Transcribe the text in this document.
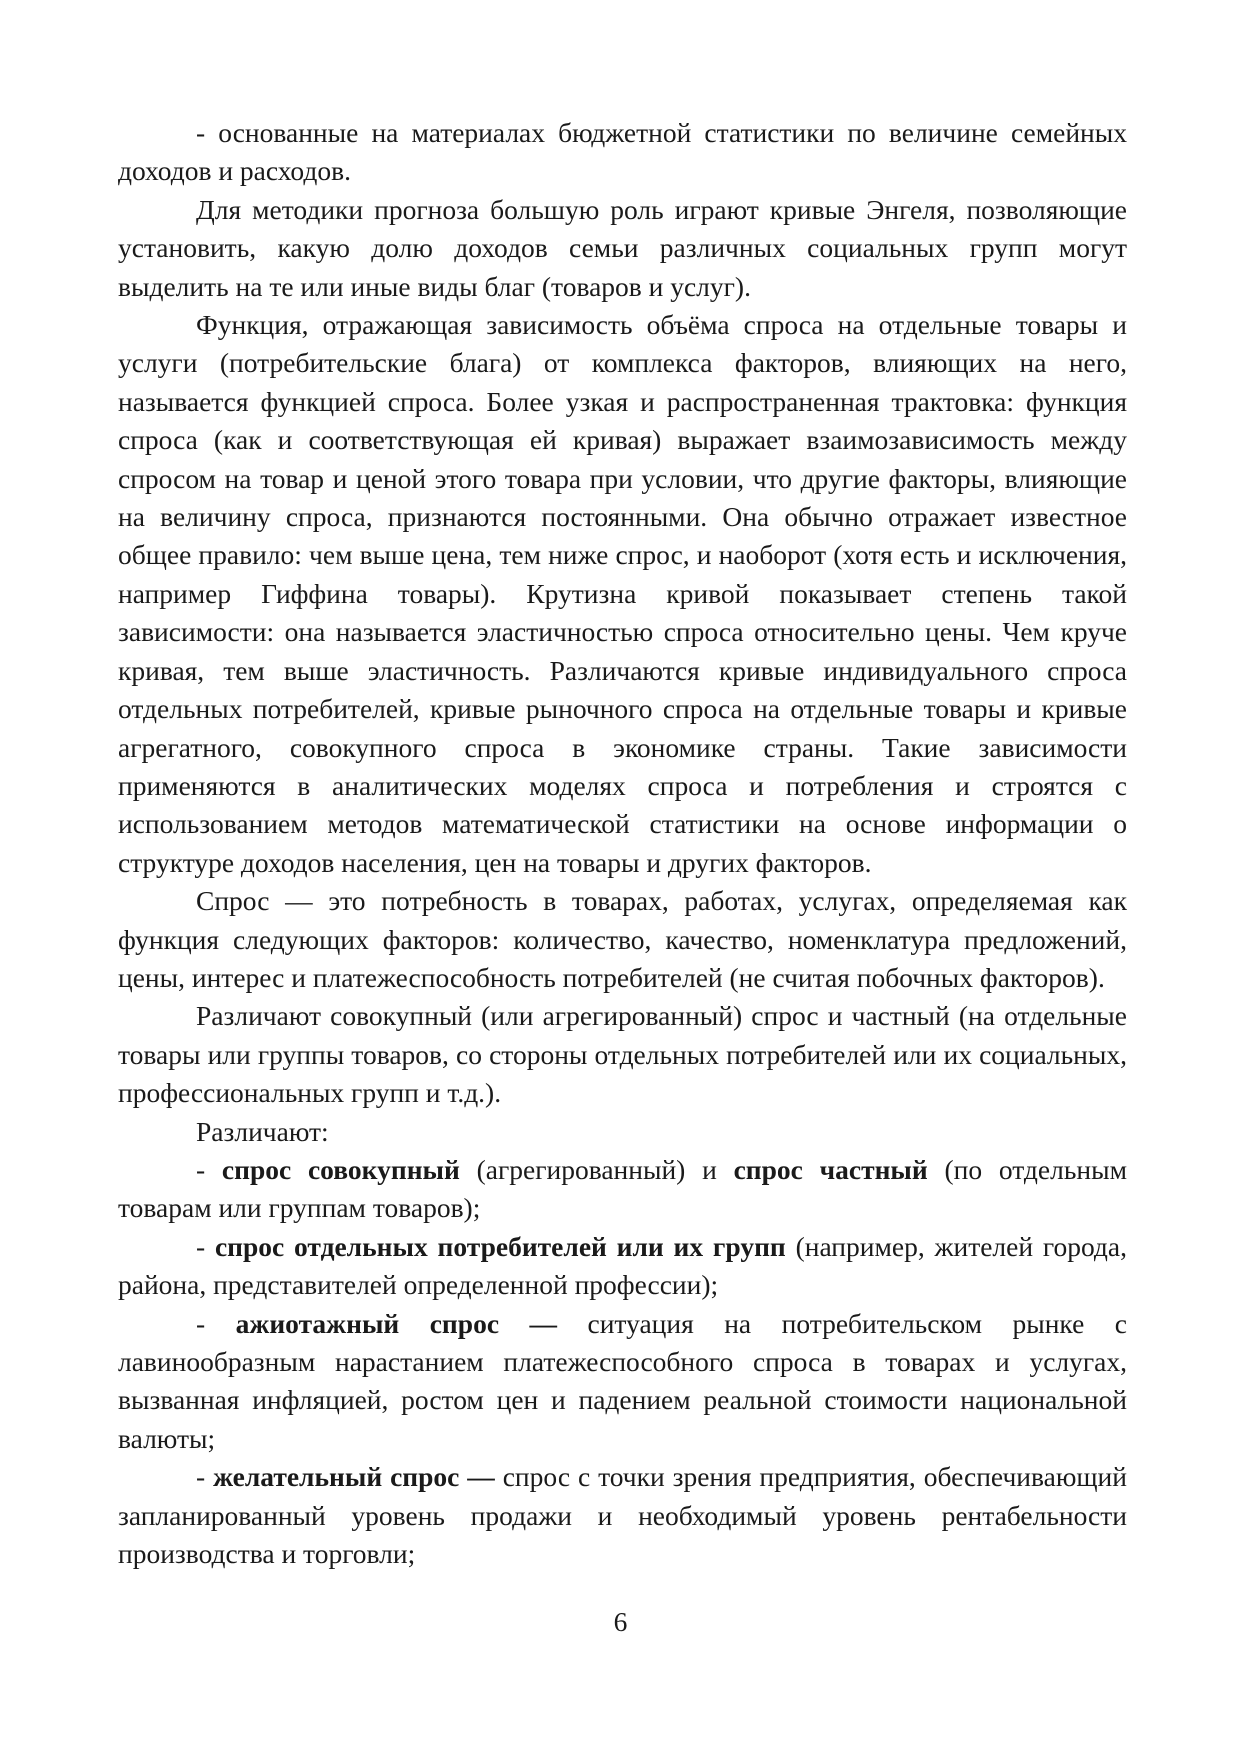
- основанные на материалах бюджетной статистики по величине семейных доходов и расходов.

Для методики прогноза большую роль играют кривые Энгеля, позволяющие установить, какую долю доходов семьи различных социальных групп могут выделить на те или иные виды благ (товаров и услуг).

Функция, отражающая зависимость объёма спроса на отдельные товары и услуги (потребительские блага) от комплекса факторов, влияющих на него, называется функцией спроса. Более узкая и распространенная трактовка: функция спроса (как и соответствующая ей кривая) выражает взаимозависимость между спросом на товар и ценой этого товара при условии, что другие факторы, влияющие на величину спроса, признаются постоянными. Она обычно отражает известное общее правило: чем выше цена, тем ниже спрос, и наоборот (хотя есть и исключения, например Гиффина товары). Крутизна кривой показывает степень такой зависимости: она называется эластичностью спроса относительно цены. Чем круче кривая, тем выше эластичность. Различаются кривые индивидуального спроса отдельных потребителей, кривые рыночного спроса на отдельные товары и кривые агрегатного, совокупного спроса в экономике страны. Такие зависимости применяются в аналитических моделях спроса и потребления и строятся с использованием методов математической статистики на основе информации о структуре доходов населения, цен на товары и других факторов.

Спрос — это потребность в товарах, работах, услугах, определяемая как функция следующих факторов: количество, качество, номенклатура предложений, цены, интерес и платежеспособность потребителей (не считая побочных факторов).

Различают совокупный (или агрегированный) спрос и частный (на отдельные товары или группы товаров, со стороны отдельных потребителей или их социальных, профессиональных групп и т.д.).

Различают:

- спрос совокупный (агрегированный) и спрос частный (по отдельным товарам или группам товаров);

- спрос отдельных потребителей или их групп (например, жителей города, района, представителей определенной профессии);

- ажиотажный спрос — ситуация на потребительском рынке с лавинообразным нарастанием платежеспособного спроса в товарах и услугах, вызванная инфляцией, ростом цен и падением реальной стоимости национальной валюты;

- желательный спрос — спрос с точки зрения предприятия, обеспечивающий запланированный уровень продажи и необходимый уровень рентабельности производства и торговли;

6
